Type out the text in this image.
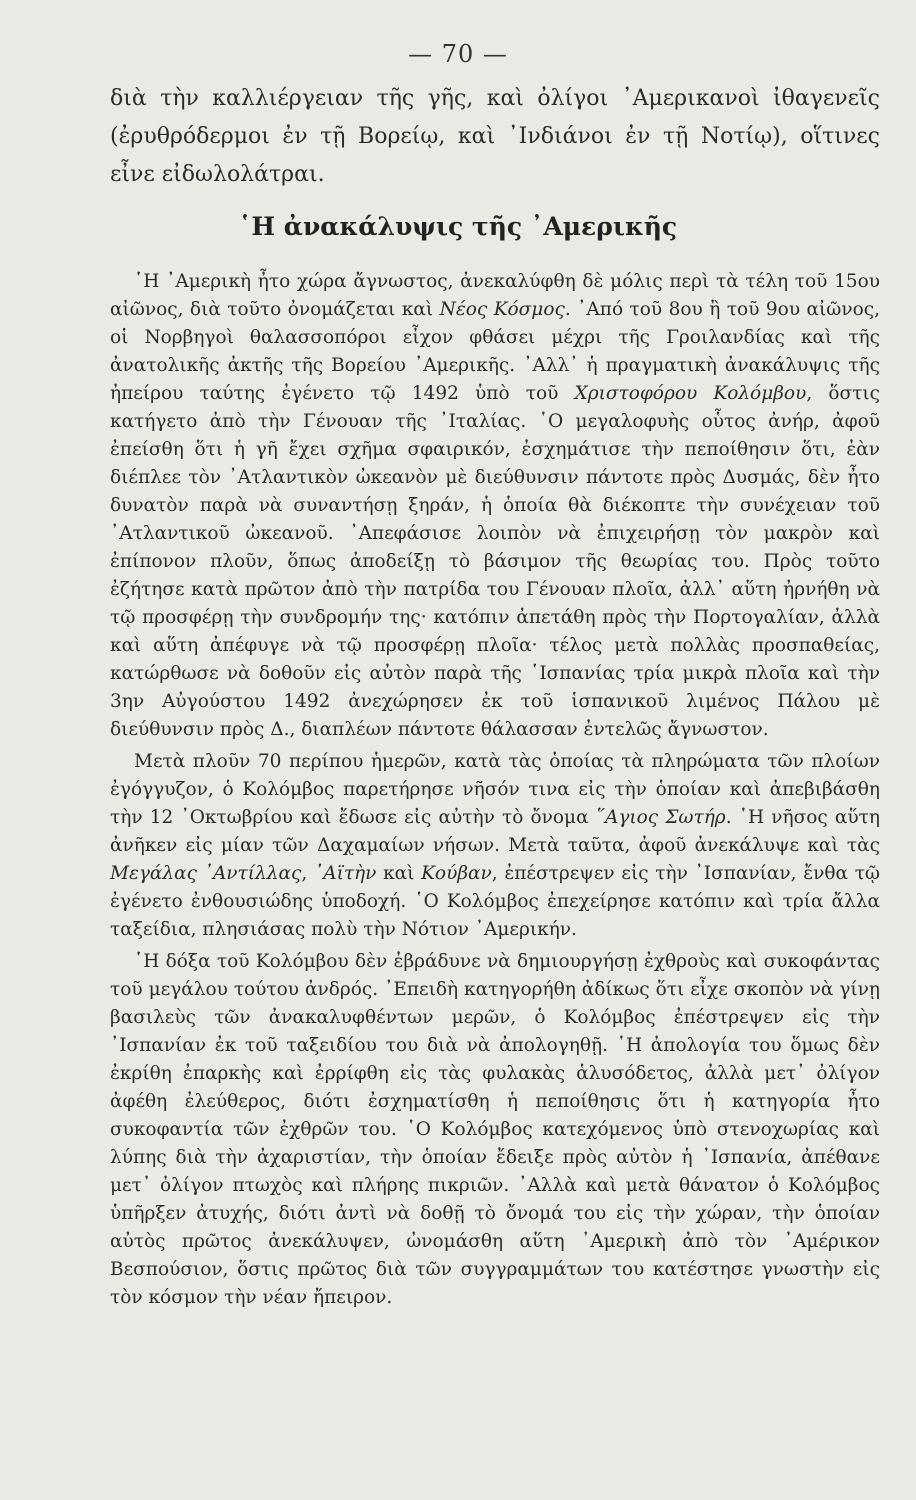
— 70 —
διὰ τὴν καλλιέργειαν τῆς γῆς, καὶ ὀλίγοι ᾿Αμερικανοὶ ἰθαγενεῖς (ἐρυθρόδερμοι ἐν τῇ Βορείῳ, καὶ ᾿Ινδιάνοι ἐν τῇ Νοτίῳ), οἵτινες εἶνε εἰδωλολάτραι.
῾Η ἀνακάλυψις τῆς ᾿Αμερικῆς

῾Η ᾿Αμερικὴ ἦτο χώρα ἄγνωστος, ἀνεκαλύφθη δὲ μόλις περὶ τὰ τέλη τοῦ 15ου αἰῶνος, διὰ τοῦτο ὀνομάζεται καὶ Νέος Κόσμος. ᾿Από τοῦ 8ου ἢ τοῦ 9ου αἰῶνος, οἱ Νορβηγοὶ θαλασσοπόροι εἶχον φθάσει μέχρι τῆς Γροιλανδίας καὶ τῆς ἀνατολικῆς ἀκτῆς τῆς Βορείου ᾿Αμερικῆς. ᾿Αλλ᾿ ἡ πραγματικὴ ἀνακάλυψις τῆς ἠπείρου ταύτης ἐγένετο τῷ 1492 ὑπὸ τοῦ Χριστοφόρου Κολόμβου, ὅστις κατήγετο ἀπὸ τὴν Γένουαν τῆς ᾿Ιταλίας. ῾Ο μεγαλοφυὴς οὗτος ἀνήρ, ἀφοῦ ἐπείσθη ὅτι ἡ γῆ ἔχει σχῆμα σφαιρικόν, ἐσχημάτισε τὴν πεποίθησιν ὅτι, ἐὰν διέπλεε τὸν ᾿Ατλαντικὸν ὠκεανὸν μὲ διεύθυνσιν πάντοτε πρὸς Δυσμάς, δὲν ἦτο δυνατὸν παρὰ νὰ συναντήσῃ ξηράν, ἡ ὁποία θὰ διέκοπτε τὴν συνέχειαν τοῦ ᾿Ατλαντικοῦ ὠκεανοῦ. ᾿Απεφάσισε λοιπὸν νὰ ἐπιχειρήσῃ τὸν μακρὸν καὶ ἐπίπονον πλοῦν, ὅπως ἀποδείξῃ τὸ βάσιμον τῆς θεωρίας του. Πρὸς τοῦτο ἐζήτησε κατὰ πρῶτον ἀπὸ τὴν πατρίδα του Γένουαν πλοῖα, ἀλλ᾿ αὕτη ἠρνήθη νὰ τῷ προσφέρῃ τὴν συνδρομήν της· κατόπιν ἀπετάθη πρὸς τὴν Πορτογαλίαν, ἀλλὰ καὶ αὕτη ἀπέφυγε νὰ τῷ προσφέρῃ πλοῖα· τέλος μετὰ πολλὰς προσπαθείας, κατώρθωσε νὰ δοθοῦν εἰς αὐτὸν παρὰ τῆς ῾Ισπανίας τρία μικρὰ πλοῖα καὶ τὴν 3ην Αὐγούστου 1492 ἀνεχώρησεν ἐκ τοῦ ἱσπανικοῦ λιμένος Πάλου μὲ διεύθυνσιν πρὸς Δ., διαπλέων πάντοτε θάλασσαν ἐντελῶς ἄγνωστον.

Μετὰ πλοῦν 70 περίπου ἡμερῶν, κατὰ τὰς ὁποίας τὰ πληρώματα τῶν πλοίων ἐγόγγυζον, ὁ Κολόμβος παρετήρησε νῆσόν τινα εἰς τὴν ὁποίαν καὶ ἀπεβιβάσθη τὴν 12 ᾿Οκτωβρίου καὶ ἔδωσε εἰς αὐτὴν τὸ ὄνομα ῞Αγιος Σωτήρ. ῾Η νῆσος αὕτη ἀνῆκεν εἰς μίαν τῶν Δαχαμαίων νήσων. Μετὰ ταῦτα, ἀφοῦ ἀνεκάλυψε καὶ τὰς Μεγάλας ᾿Αντίλλας, ᾿Αϊτὴν καὶ Κούβαν, ἐπέστρεψεν εἰς τὴν ᾿Ισπανίαν, ἔνθα τῷ ἐγένετο ἐνθουσιώδης ὑποδοχή. ῾Ο Κολόμβος ἐπεχείρησε κατόπιν καὶ τρία ἄλλα ταξείδια, πλησιάσας πολὺ τὴν Νότιον ᾿Αμερικήν.

῾Η δόξα τοῦ Κολόμβου δὲν ἐβράδυνε νὰ δημιουργήσῃ ἐχθροὺς καὶ συκοφάντας τοῦ μεγάλου τούτου ἀνδρός. ᾿Επειδὴ κατηγορήθη ἀδίκως ὅτι εἶχε σκοπὸν νὰ γίνῃ βασιλεὺς τῶν ἀνακαλυφθέντων μερῶν, ὁ Κολόμβος ἐπέστρεψεν εἰς τὴν ᾿Ισπανίαν ἐκ τοῦ ταξειδίου του διὰ νὰ ἀπολογηθῇ. ῾Η ἀπολογία του ὅμως δὲν ἐκρίθη ἐπαρκὴς καὶ ἐρρίφθη εἰς τὰς φυλακὰς ἁλυσόδετος, ἀλλὰ μετ᾿ ὀλίγον ἀφέθη ἐλεύθερος, διότι ἐσχηματίσθη ἡ πεποίθησις ὅτι ἡ κατηγορία ἦτο συκοφαντία τῶν ἐχθρῶν του. ῾Ο Κολόμβος κατεχόμενος ὑπὸ στενοχωρίας καὶ λύπης διὰ τὴν ἀχαριστίαν, τὴν ὁποίαν ἔδειξε πρὸς αὐτὸν ἡ ᾿Ισπανία, ἀπέθανε μετ᾿ ὀλίγον πτωχὸς καὶ πλήρης πικριῶν. ᾿Αλλὰ καὶ μετὰ θάνατον ὁ Κολόμβος ὑπῆρξεν ἀτυχής, διότι ἀντὶ νὰ δοθῇ τὸ ὄνομά του εἰς τὴν χώραν, τὴν ὁποίαν αὐτὸς πρῶτος ἀνεκάλυψεν, ὠνομάσθη αὕτη ᾿Αμερικὴ ἀπὸ τὸν ᾿Αμέρικον Βεσπούσιον, ὅστις πρῶτος διὰ τῶν συγγραμμάτων του κατέστησε γνωστὴν εἰς τὸν κόσμον τὴν νέαν ἤπειρον.
